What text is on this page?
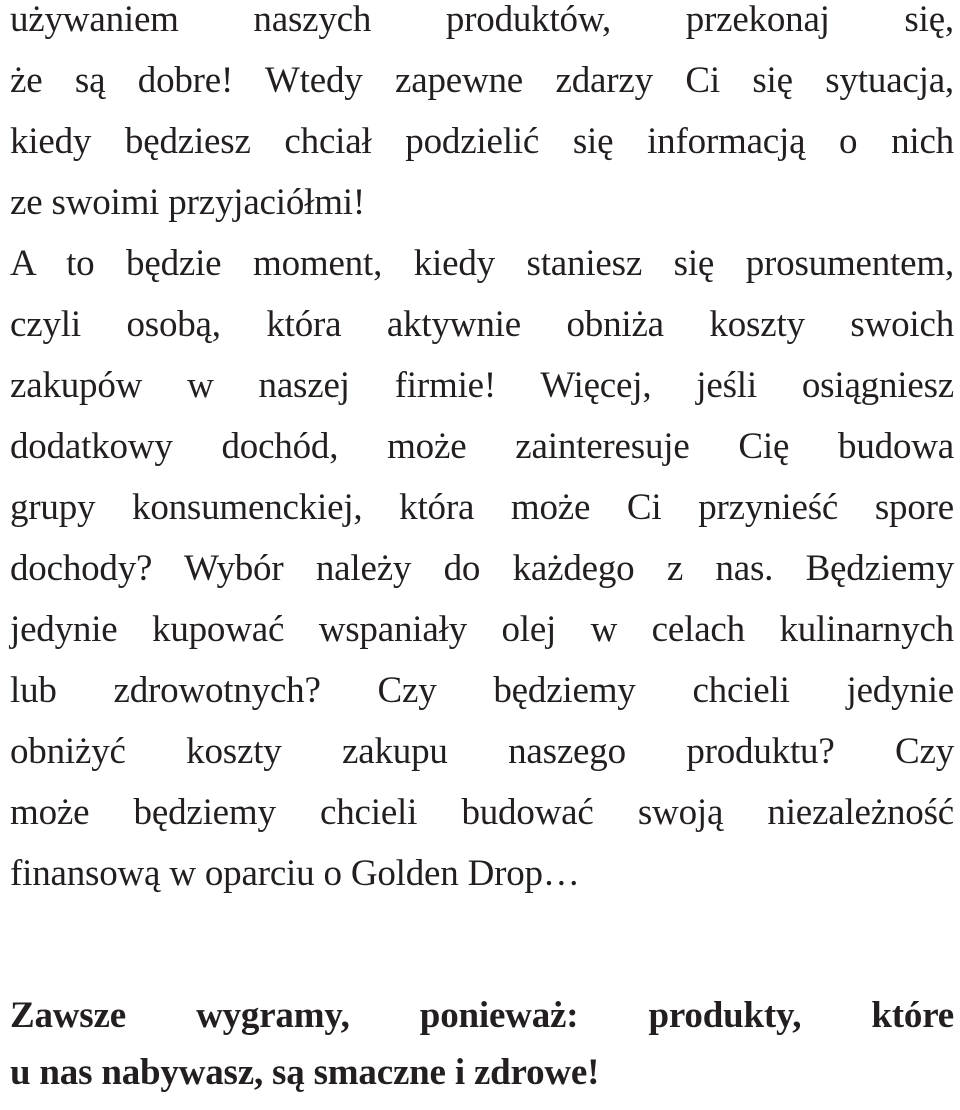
używaniem naszych produktów, przekonaj się,
że są dobre! Wtedy zapewne zdarzy Ci się sytuacja,
kiedy będziesz chciał podzielić się informacją o nich
ze swoimi przyjaciółmi!
A to będzie moment, kiedy staniesz się prosumentem,
czyli osobą, która aktywnie obniża koszty swoich
zakupów w naszej firmie! Więcej, jeśli osiągniesz
dodatkowy dochód, może zainteresuje Cię budowa
grupy konsumenckiej, która może Ci przynieść spore
dochody? Wybór należy do każdego z nas. Będziemy
jedynie kupować wspaniały olej w celach kulinarnych
lub zdrowotnych? Czy będziemy chcieli jedynie
obniżyć koszty zakupu naszego produktu? Czy
może będziemy chcieli budować swoją niezależność
finansową w oparciu o Golden Drop…
Zawsze wygramy, ponieważ: produkty, które
u nas nabywasz, są smaczne i zdrowe!
